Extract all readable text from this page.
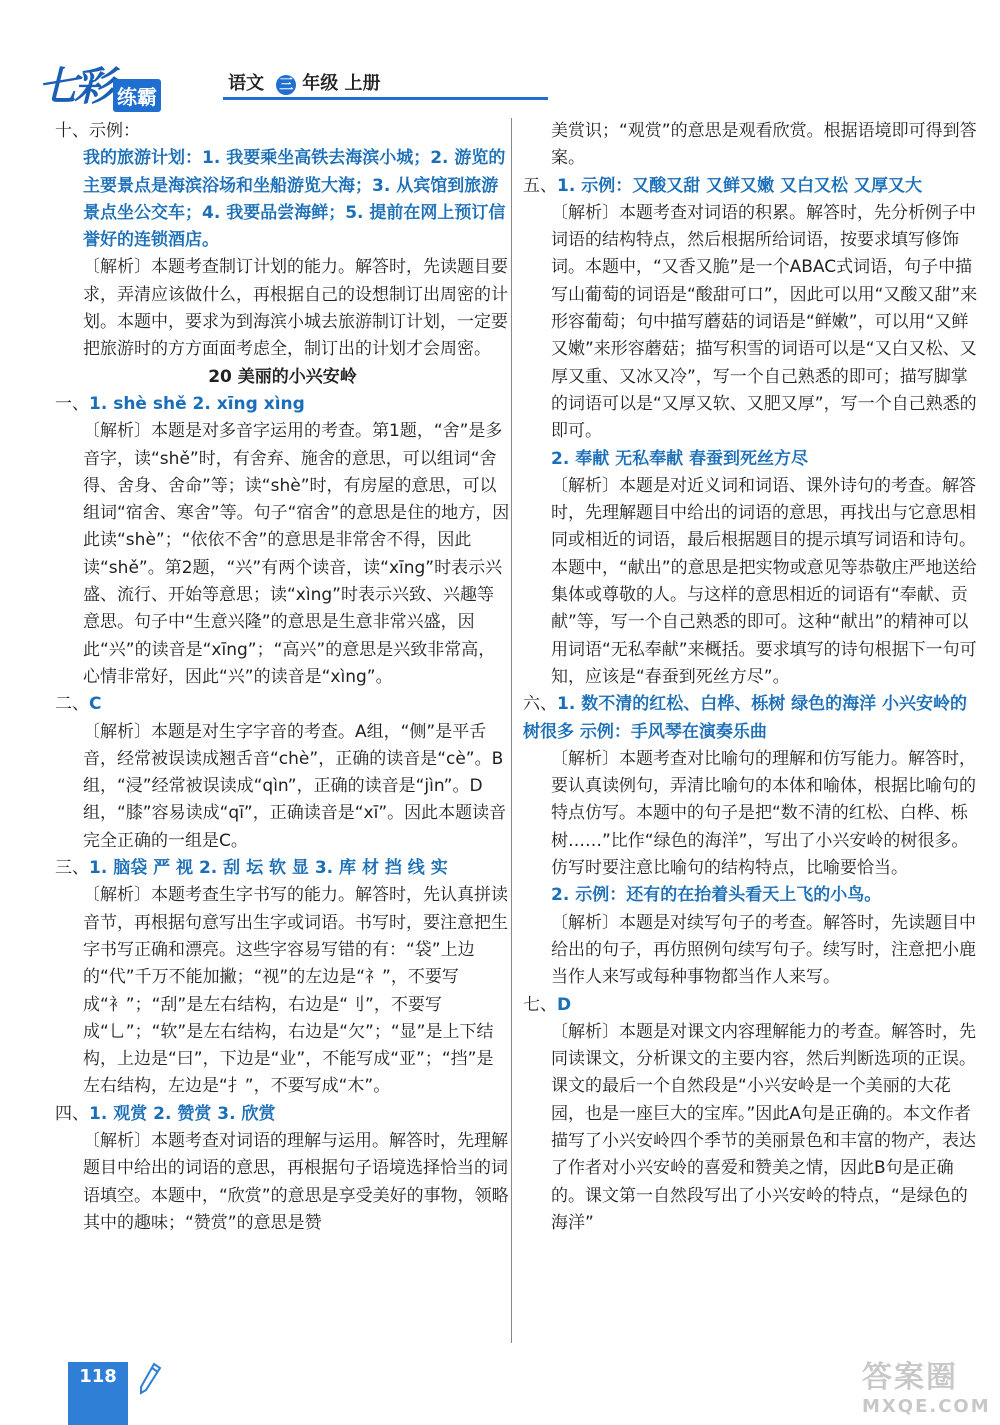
七彩 练霸
语文 三 年级 上册

十、示例：

我的旅游计划：1. 我要乘坐高铁去海滨小城；2. 游览的主要景点是海滨浴场和坐船游览大海；3. 从宾馆到旅游景点坐公交车；4. 我要品尝海鲜；5. 提前在网上预订信誉好的连锁酒店。

〔解析〕本题考查制订计划的能力。解答时，先读题目要求，弄清应该做什么，再根据自己的设想制订出周密的计划。本题中，要求为到海滨小城去旅游制订计划，一定要把旅游时的方方面面考虑全，制订出的计划才会周密。

20 美丽的小兴安岭

一、1. shè shě 2. xīng xìng

〔解析〕本题是对多音字运用的考查。第1题，“舍”是多音字，读“shě”时，有舍弃、施舍的意思，可以组词“舍得、舍身、舍命”等；读“shè”时，有房屋的意思，可以组词“宿舍、寒舍”等。句子“宿舍”的意思是住的地方，因此读“shè”；“依依不舍”的意思是非常舍不得，因此读“shě”。第2题，“兴”有两个读音，读“xīng”时表示兴盛、流行、开始等意思；读“xìng”时表示兴致、兴趣等意思。句子中“生意兴隆”的意思是生意非常兴盛，因此“兴”的读音是“xīng”；“高兴”的意思是兴致非常高，心情非常好，因此“兴”的读音是“xìng”。

二、C

〔解析〕本题是对生字字音的考查。A组，“侧”是平舌音，经常被误读成翘舌音“chè”，正确的读音是“cè”。B组，“浸”经常被误读成“qìn”，正确的读音是“jìn”。D组，“膝”容易读成“qī”，正确读音是“xī”。因此本题读音完全正确的一组是C。

三、1. 脑袋 严 视 2. 刮 坛 软 显 3. 库 材 挡 线 实

〔解析〕本题考查生字书写的能力。解答时，先认真拼读音节，再根据句意写出生字或词语。书写时，要注意把生字书写正确和漂亮。这些字容易写错的有：“袋”上边的“代”千万不能加撇；“视”的左边是“礻”，不要写成“衤”；“刮”是左右结构，右边是“刂”，不要写成“乚”；“软”是左右结构，右边是“欠”；“显”是上下结构，上边是“曰”，下边是“业”，不能写成“亚”；“挡”是左右结构，左边是“扌”，不要写成“木”。

四、1. 观赏 2. 赞赏 3. 欣赏

〔解析〕本题考查对词语的理解与运用。解答时，先理解题目中给出的词语的意思，再根据句子语境选择恰当的词语填空。本题中，“欣赏”的意思是享受美好的事物，领略其中的趣味；“赞赏”的意思是赞

美赏识；“观赏”的意思是观看欣赏。根据语境即可得到答案。

五、1. 示例：又酸又甜 又鲜又嫩 又白又松 又厚又大

〔解析〕本题考查对词语的积累。解答时，先分析例子中词语的结构特点，然后根据所给词语，按要求填写修饰词。本题中，“又香又脆”是一个ABAC式词语，句子中描写山葡萄的词语是“酸甜可口”，因此可以用“又酸又甜”来形容葡萄；句中描写蘑菇的词语是“鲜嫩”，可以用“又鲜又嫩”来形容蘑菇；描写积雪的词语可以是“又白又松、又厚又重、又冰又冷”，写一个自己熟悉的即可；描写脚掌的词语可以是“又厚又软、又肥又厚”，写一个自己熟悉的即可。

2. 奉献 无私奉献 春蚕到死丝方尽

〔解析〕本题是对近义词和词语、课外诗句的考查。解答时，先理解题目中给出的词语的意思，再找出与它意思相同或相近的词语，最后根据题目的提示填写词语和诗句。本题中，“献出”的意思是把实物或意见等恭敬庄严地送给集体或尊敬的人。与这样的意思相近的词语有“奉献、贡献”等，写一个自己熟悉的即可。这种“献出”的精神可以用词语“无私奉献”来概括。要求填写的诗句根据下一句可知，应该是“春蚕到死丝方尽”。

六、1. 数不清的红松、白桦、栎树 绿色的海洋 小兴安岭的树很多 示例：手风琴在演奏乐曲

〔解析〕本题考查对比喻句的理解和仿写能力。解答时，要认真读例句，弄清比喻句的本体和喻体，根据比喻句的特点仿写。本题中的句子是把“数不清的红松、白桦、栎树……”比作“绿色的海洋”，写出了小兴安岭的树很多。仿写时要注意比喻句的结构特点，比喻要恰当。

2. 示例：还有的在抬着头看天上飞的小鸟。

〔解析〕本题是对续写句子的考查。解答时，先读题目中给出的句子，再仿照例句续写句子。续写时，注意把小鹿当作人来写或每种事物都当作人来写。

七、D

〔解析〕本题是对课文内容理解能力的考查。解答时，先同读课文，分析课文的主要内容，然后判断选项的正误。课文的最后一个自然段是“小兴安岭是一个美丽的大花园，也是一座巨大的宝库。”因此A句是正确的。本文作者描写了小兴安岭四个季节的美丽景色和丰富的物产，表达了作者对小兴安岭的喜爱和赞美之情，因此B句是正确的。课文第一自然段写出了小兴安岭的特点，“是绿色的海洋”

118	答案圈
MXQE.COM
